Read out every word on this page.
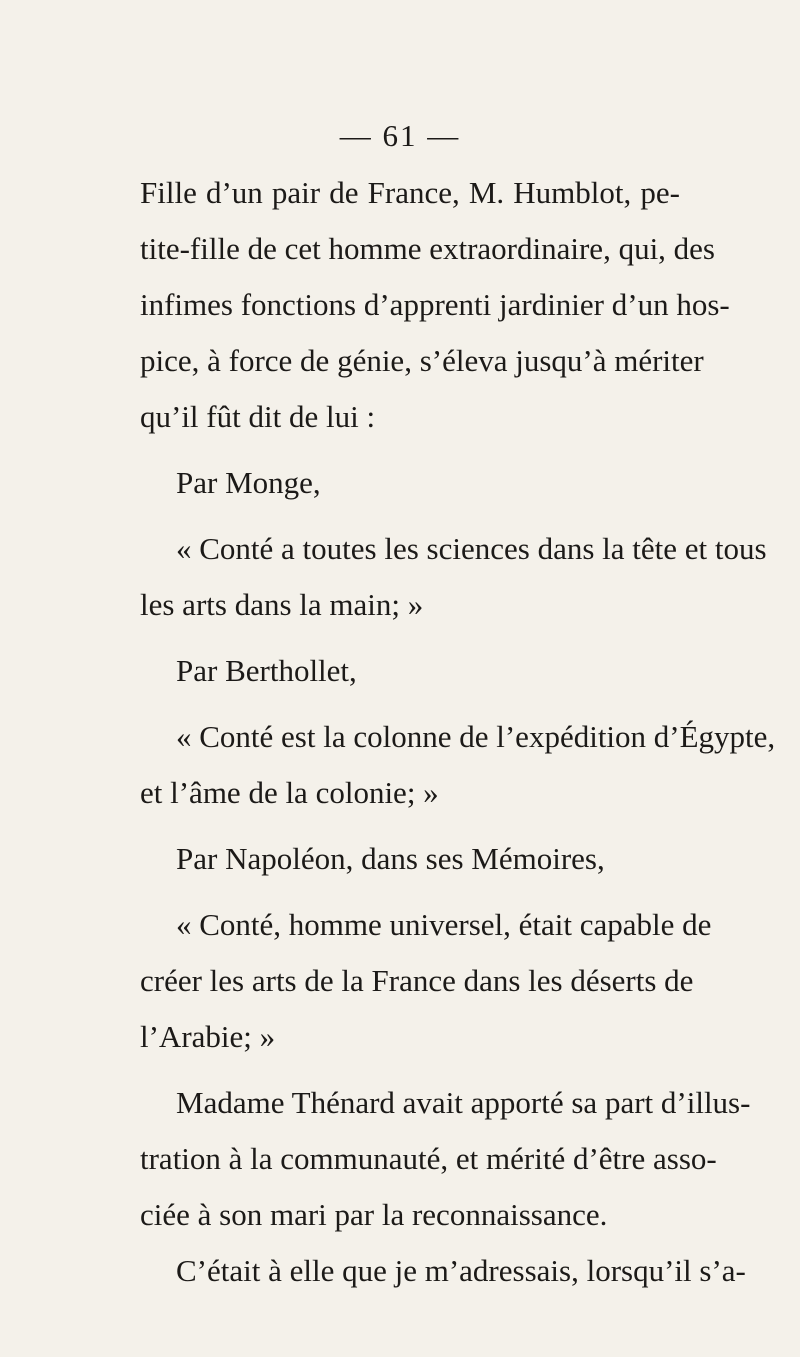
— 61 —
Fille d’un pair de France, M. Humblot, pe-
tite-fille de cet homme extraordinaire, qui, des
infimes fonctions d’apprenti jardinier d’un hos-
pice, à force de génie, s’éleva jusqu’à mériter
qu’il fût dit de lui :
Par Monge,
« Conté a toutes les sciences dans la tête et tous
les arts dans la main; »
Par Berthollet,
« Conté est la colonne de l’expédition d’Égypte,
et l’âme de la colonie; »
Par Napoléon, dans ses Mémoires,
« Conté, homme universel, était capable de
créer les arts de la France dans les déserts de
l’Arabie; »
Madame Thénard avait apporté sa part d’illus-
tration à la communauté, et mérité d’être asso-
ciée à son mari par la reconnaissance.
C’était à elle que je m’adressais, lorsqu’il s’a-
